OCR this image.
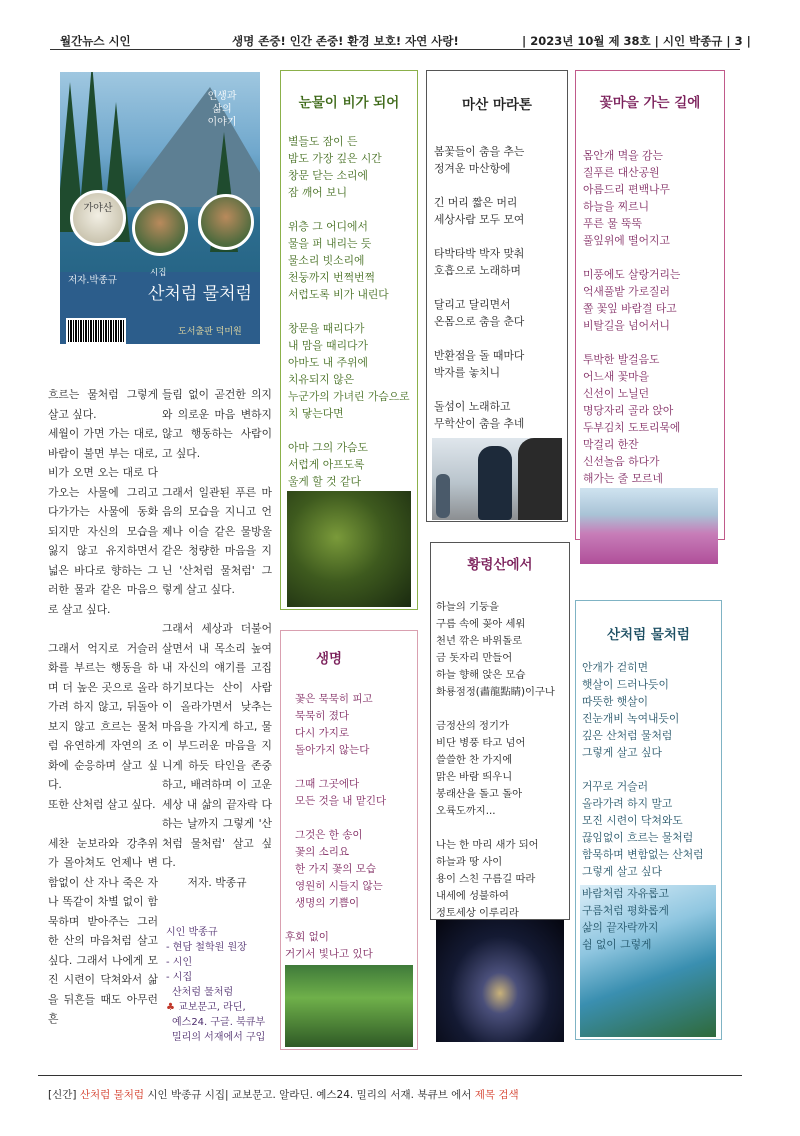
월간뉴스 시인	생명 존중! 인간 존중! 환경 보호! 자연 사랑!	| 2023년 10월 제 38호 | 시인 박종규 | 3 |
인생과
삶의
이야기
가야산
저자.박종규
시집
산처럼 물처럼
도서출판 덕미원

흐르는 물처럼 그렇게 살고 싶다.

세월이 가면 가는 대로, 바람이 불면 부는 대로, 비가 오면 오는 대로 다가오는 사물에 그리고 다가가는 사물에 동화되지만 자신의 모습을 잃지 않고 유지하면서 넓은 바다로 향하는 그러한 물과 같은 마음으로 살고 싶다.

그래서 억지로 거슬러 화를 부르는 행동을 하며 더 높은 곳으로 올라가려 하지 않고, 뒤돌아보지 않고 흐르는 물처럼 유연하게 자연의 조화에 순응하며 살고 싶다.

또한 산처럼 살고 싶다.

세찬 눈보라와 강추위가 몰아쳐도 언제나 변함없이 산 자나 죽은 자나 똑같이 차별 없이 함묵하며 받아주는 그러한 산의 마음처럼 살고 싶다. 그래서 나에게 모진 시련이 닥쳐와서 삶을 뒤흔들 때도 아무런 흔

들림 없이 곧건한 의지와 의로운 마음 변하지 않고 행동하는 사람이고 싶다.

그래서 일관된 푸른 마음의 모습을 지니고 언제나 이슬 같은 물방울 같은 청량한 마음을 지닌 '산처럼 물처럼' 그렇게 살고 싶다.

그래서 세상과 더불어 살면서 내 목소리 높여 내 자신의 얘기를 고집하기보다는 산이 사람이 올라가면서 낮추는 마음을 가지게 하고, 물이 부드러운 마음을 지니게 하듯 타인을 존중하고, 배려하며 이 고운세상 내 삶의 끝자락 다하는 날까지 그렇게 '산처럼 물처럼' 살고 싶다.

저자. 박종규
시인 박종규
- 현담 철학원 원장
- 시인
- 시집
산처럼 물처럼
♣ 교보문고, 라딘,
예스24. 구글. 북큐부
밀리의 서재에서 구입
눈물이 비가 되어
별들도 잠이 든
밤도 가장 깊은 시간
창문 닫는 소리에
잠 깨어 보니
위층 그 어디에서
물을 퍼 내리는 듯
물소리 빗소리에
천둥까지 번쩍번쩍
서럽도록 비가 내린다
창문을 때리다가
내 맘을 때리다가
아마도 내 주위에
치유되지 않은
누군가의 가녀린 가슴으로
치 닿는다면
아마 그의 가슴도
서럽게 아프도록
울게 할 것 같다
마산 마라톤
봄꽃들이 춤을 추는
정겨운 마산항에
긴 머리 짧은 머리
세상사람 모두 모여
타박타박 박자 맞춰
호흡으로 노래하며
달리고 달리면서
온몸으로 춤을 춘다
반환점을 돌 때마다
박자를 놓치니
돌섬이 노래하고
무학산이 춤을 추네
꽃마을 가는 길에
몸안개 멱을 감는
질푸른 대산공원
아름드리 편백나무
하늘을 찌르니
푸른 물 뚝뚝
풀잎위에 떨어지고
미풍에도 살랑거리는
억새풀밭 가로질러
쫄 꽃잎 바람결 타고
비탈길을 넘어서니
투박한 발걸음도
어느새 꽃마을
신선이 노닐던
명당자리 골라 앉아
두부김치 도토리묵에
막걸리 한잔
신선놀음 하다가
해가는 줄 모르네
황령산에서
하늘의 기둥을
구름 속에 꽂아 세워
천년 깎은 바위돌로
금 돗자리 만들어
하늘 향해 앉은 모습
화룡점정(畵龍點睛)이구나
금정산의 정기가
비단 병풍 타고 넘어
쓸쓸한 찬 가지에
맑은 바람 띄우니
봉래산을 돌고 돌아
오륙도까지...
나는 한 마리 새가 되어
하늘과 땅 사이
용이 스친 구름길 따라
내세에 성불하여
정토세상 이루리라
생명
꽃은 묵묵히 피고
묵묵히 졌다
다시 가지로
돌아가지 않는다
그때 그곳에다
모든 것을 내 맡긴다
그것은 한 송이
꽃의 소리요
한 가지 꽃의 모습
영원히 시들지 않는
생명의 기쁨이
후회 없이
거기서 빛나고 있다
산처럼 물처럼
안개가 걷히면
햇살이 드러나듯이
따뜻한 햇살이
진눈개비 녹여내듯이
깊은 산처럼 물처럼
그렇게 살고 싶다
거꾸로 거슬러
올라가려 하지 말고
모진 시련이 닥쳐와도
끊임없이 흐르는 물처럼
함묵하며 변함없는 산처럼
그렇게 살고 싶다
바람처럼 자유롭고
구름처럼 평화롭게
삶의 끝자락까지
쉼 없이 그렇게
[신간] 산처럼 물처럼 시인 박종규 시집| 교보문고. 알라딘. 예스24. 밀리의 서재. 북큐브 에서 제목 검색
